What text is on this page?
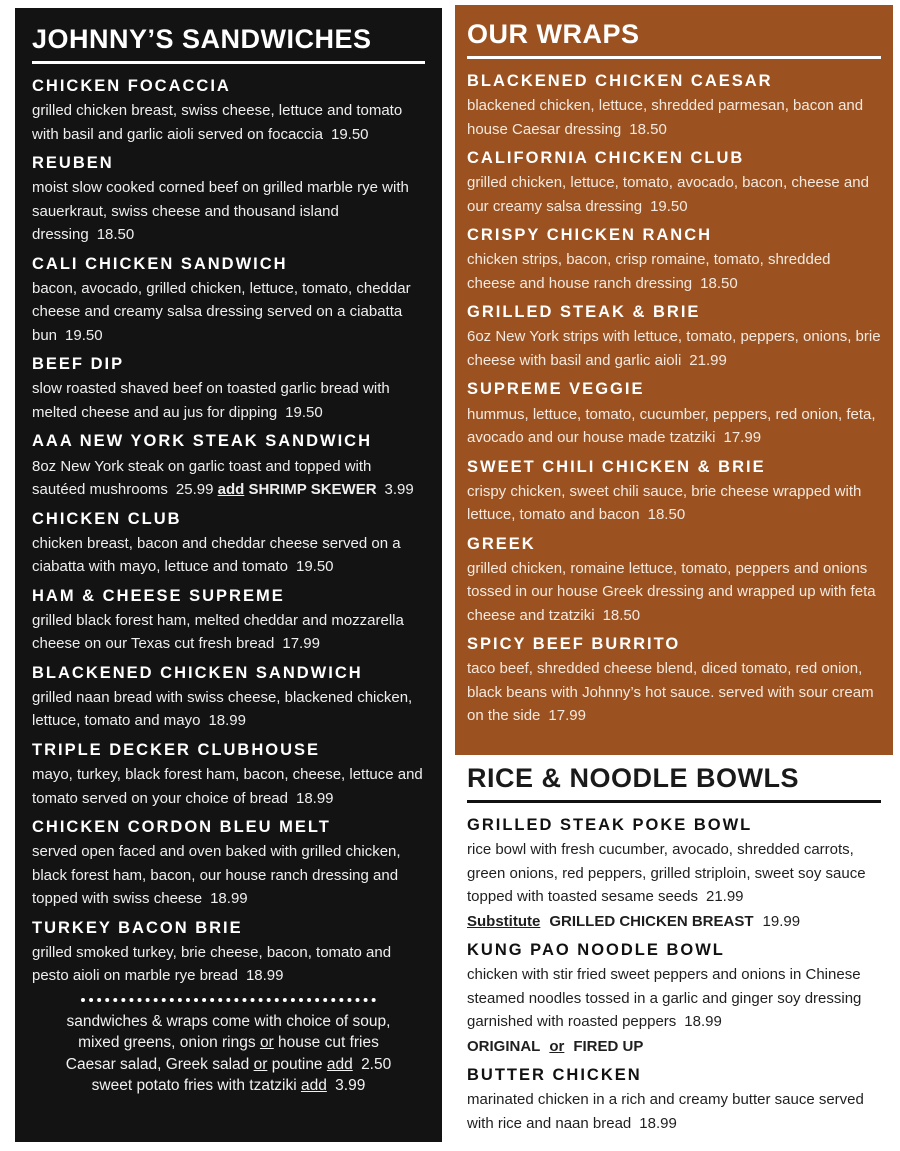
JOHNNY’S SANDWICHES
CHICKEN FOCACCIA

grilled chicken breast, swiss cheese, lettuce and tomato with basil and garlic aioli served on focaccia 19.50

REUBEN

moist slow cooked corned beef on grilled marble rye with sauerkraut, swiss cheese and thousand island dressing 18.50

CALI CHICKEN SANDWICH

bacon, avocado, grilled chicken, lettuce, tomato, cheddar cheese and creamy salsa dressing served on a ciabatta bun 19.50

BEEF DIP

slow roasted shaved beef on toasted garlic bread with melted cheese and au jus for dipping 19.50

AAA NEW YORK STEAK SANDWICH

8oz New York steak on garlic toast and topped with sautéed mushrooms 25.99 add SHRIMP SKEWER 3.99

CHICKEN CLUB

chicken breast, bacon and cheddar cheese served on a ciabatta with mayo, lettuce and tomato 19.50

HAM & CHEESE SUPREME

grilled black forest ham, melted cheddar and mozzarella cheese on our Texas cut fresh bread 17.99

BLACKENED CHICKEN SANDWICH

grilled naan bread with swiss cheese, blackened chicken, lettuce, tomato and mayo 18.99

TRIPLE DECKER CLUBHOUSE

mayo, turkey, black forest ham, bacon, cheese, lettuce and tomato served on your choice of bread 18.99

CHICKEN CORDON BLEU MELT

served open faced and oven baked with grilled chicken, black forest ham, bacon, our house ranch dressing and topped with swiss cheese 18.99

TURKEY BACON BRIE

grilled smoked turkey, brie cheese, bacon, tomato and pesto aioli on marble rye bread 18.99

sandwiches & wraps come with choice of soup,
mixed greens, onion rings or house cut fries
Caesar salad, Greek salad or poutine add 2.50
sweet potato fries with tzatziki add 3.99
OUR WRAPS
BLACKENED CHICKEN CAESAR

blackened chicken, lettuce, shredded parmesan, bacon and house Caesar dressing 18.50

CALIFORNIA CHICKEN CLUB

grilled chicken, lettuce, tomato, avocado, bacon, cheese and our creamy salsa dressing 19.50

CRISPY CHICKEN RANCH

chicken strips, bacon, crisp romaine, tomato, shredded cheese and house ranch dressing 18.50

GRILLED STEAK & BRIE

6oz New York strips with lettuce, tomato, peppers, onions, brie cheese with basil and garlic aioli 21.99

SUPREME VEGGIE

hummus, lettuce, tomato, cucumber, peppers, red onion, feta, avocado and our house made tzatziki 17.99

SWEET CHILI CHICKEN & BRIE

crispy chicken, sweet chili sauce, brie cheese wrapped with lettuce, tomato and bacon 18.50

GREEK

grilled chicken, romaine lettuce, tomato, peppers and onions tossed in our house Greek dressing and wrapped up with feta cheese and tzatziki 18.50

SPICY BEEF BURRITO

taco beef, shredded cheese blend, diced tomato, red onion, black beans with Johnny’s hot sauce. served with sour cream on the side 17.99

RICE & NOODLE BOWLS
GRILLED STEAK POKE BOWL

rice bowl with fresh cucumber, avocado, shredded carrots, green onions, red peppers, grilled striploin, sweet soy sauce topped with toasted sesame seeds 21.99

Substitute GRILLED CHICKEN BREAST 19.99

KUNG PAO NOODLE BOWL

chicken with stir fried sweet peppers and onions in Chinese steamed noodles tossed in a garlic and ginger soy dressing garnished with roasted peppers 18.99

ORIGINAL or FIRED UP

BUTTER CHICKEN

marinated chicken in a rich and creamy butter sauce served with rice and naan bread 18.99
